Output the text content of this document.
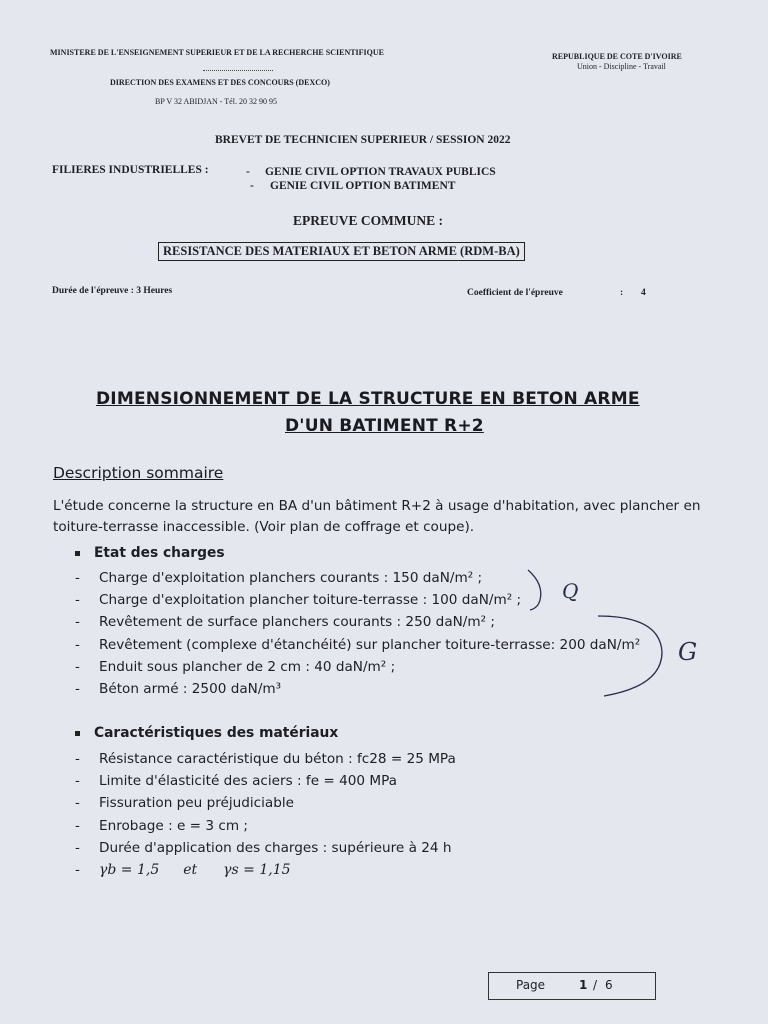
MINISTERE DE L'ENSEIGNEMENT SUPERIEUR ET DE LA RECHERCHE SCIENTIFIQUE
DIRECTION DES EXAMENS ET DES CONCOURS (DEXCO)
BP V 32 ABIDJAN - Tél. 20 32 90 95
REPUBLIQUE DE COTE D'IVOIRE
Union - Discipline - Travail
BREVET DE TECHNICIEN SUPERIEUR / SESSION 2022
FILIERES INDUSTRIELLES :	- GENIE CIVIL OPTION TRAVAUX PUBLICS
- GENIE CIVIL OPTION BATIMENT
EPREUVE COMMUNE :
RESISTANCE DES MATERIAUX ET BETON ARME (RDM-BA)
Durée de l'épreuve : 3 Heures	Coefficient de l'épreuve	: 4
DIMENSIONNEMENT DE LA STRUCTURE EN BETON ARME
D'UN BATIMENT R+2
Description sommaire
L'étude concerne la structure en BA d'un bâtiment R+2 à usage d'habitation, avec plancher en toiture-terrasse inaccessible. (Voir plan de coffrage et coupe).
Etat des charges
- Charge d'exploitation planchers courants : 150 daN/m² ;
- Charge d'exploitation plancher toiture-terrasse : 100 daN/m² ;
- Revêtement de surface planchers courants : 250 daN/m² ;
- Revêtement (complexe d'étanchéité) sur plancher toiture-terrasse: 200 daN/m²
- Enduit sous plancher de 2 cm : 40 daN/m² ;
- Béton armé : 2500 daN/m³
Q
G
Caractéristiques des matériaux
- Résistance caractéristique du béton : fc28 = 25 MPa
- Limite d'élasticité des aciers : fe = 400 MPa
- Fissuration peu préjudiciable
- Enrobage : e = 3 cm ;
- Durée d'application des charges : supérieure à 24 h
- γb = 1,5 et γs = 1,15
Page	1 / 6
